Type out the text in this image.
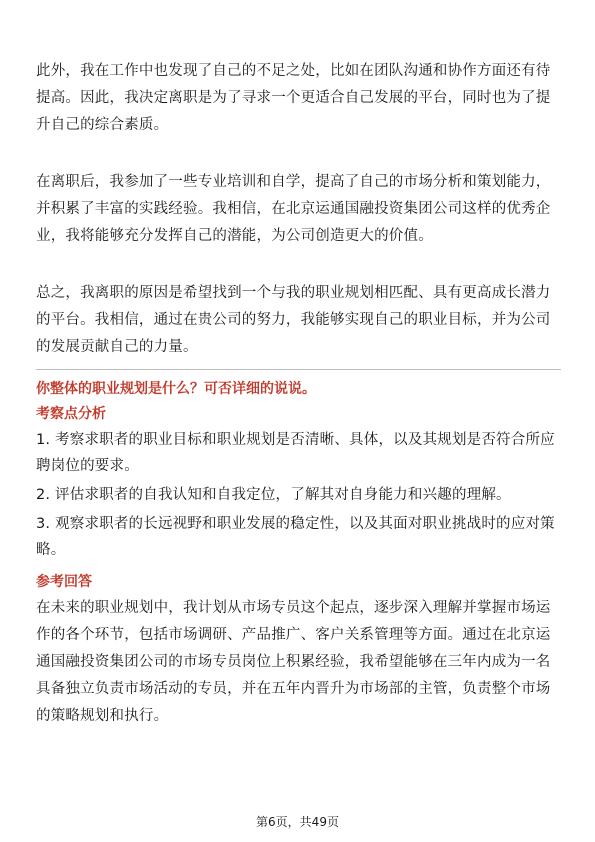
此外，我在工作中也发现了自己的不足之处，比如在团队沟通和协作方面还有待提高。因此，我决定离职是为了寻求一个更适合自己发展的平台，同时也为了提升自己的综合素质。

在离职后，我参加了一些专业培训和自学，提高了自己的市场分析和策划能力，并积累了丰富的实践经验。我相信，在北京运通国融投资集团公司这样的优秀企业，我将能够充分发挥自己的潜能，为公司创造更大的价值。

总之，我离职的原因是希望找到一个与我的职业规划相匹配、具有更高成长潜力的平台。我相信，通过在贵公司的努力，我能够实现自己的职业目标，并为公司的发展贡献自己的力量。

你整体的职业规划是什么？可否详细的说说。

考察点分析

1. 考察求职者的职业目标和职业规划是否清晰、具体，以及其规划是否符合所应聘岗位的要求。
2. 评估求职者的自我认知和自我定位，了解其对自身能力和兴趣的理解。
3. 观察求职者的长远视野和职业发展的稳定性，以及其面对职业挑战时的应对策略。

参考回答

在未来的职业规划中，我计划从市场专员这个起点，逐步深入理解并掌握市场运作的各个环节，包括市场调研、产品推广、客户关系管理等方面。通过在北京运通国融投资集团公司的市场专员岗位上积累经验，我希望能够在三年内成为一名具备独立负责市场活动的专员，并在五年内晋升为市场部的主管，负责整个市场的策略规划和执行。

第6页，共49页
